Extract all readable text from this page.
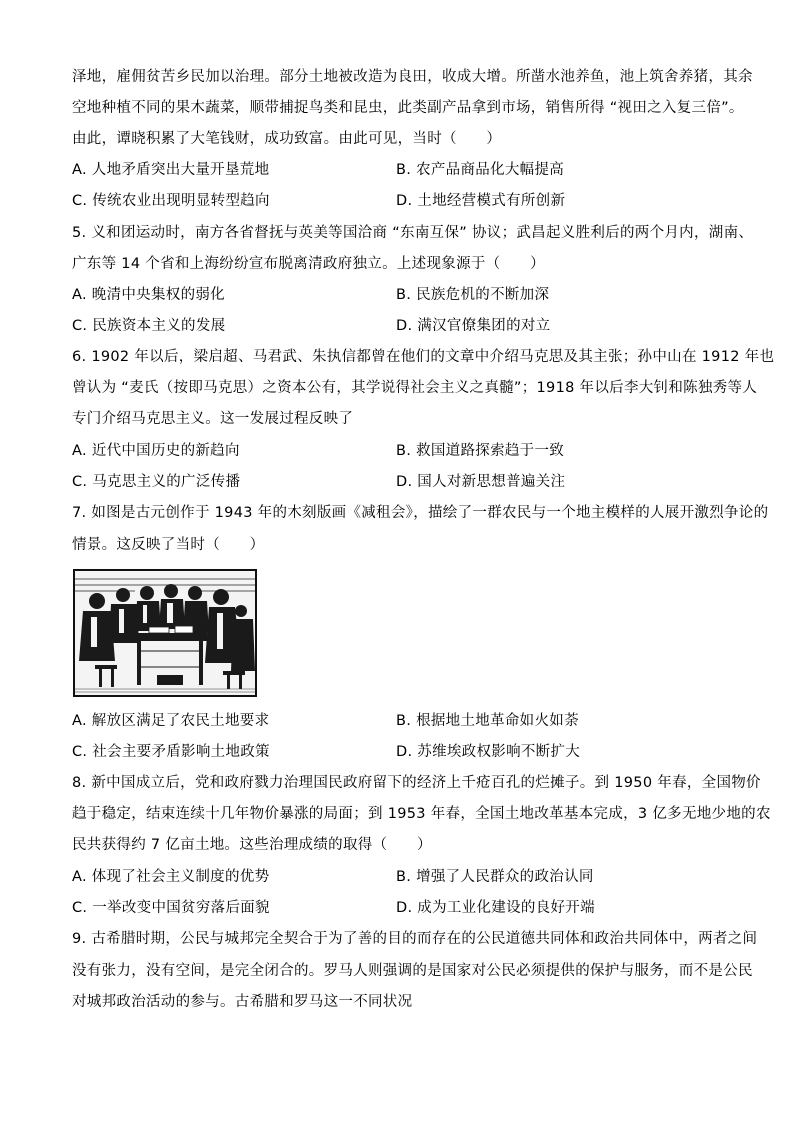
泽地，雇佣贫苦乡民加以治理。部分土地被改造为良田，收成大增。所凿水池养鱼，池上筑舍养猪，其余
空地种植不同的果木蔬菜，顺带捕捉鸟类和昆虫，此类副产品拿到市场，销售所得 “视田之入复三倍”。
由此，谭晓积累了大笔钱财，成功致富。由此可见，当时（　　）
A. 人地矛盾突出大量开垦荒地	B. 农产品商品化大幅提高
C. 传统农业出现明显转型趋向	D. 土地经营模式有所创新
5. 义和团运动时，南方各省督抚与英美等国洽商 “东南互保” 协议；武昌起义胜利后的两个月内，湖南、
广东等 14 个省和上海纷纷宣布脱离清政府独立。上述现象源于（　　）
A. 晚清中央集权的弱化	B. 民族危机的不断加深
C. 民族资本主义的发展	D. 满汉官僚集团的对立
6. 1902 年以后，梁启超、马君武、朱执信都曾在他们的文章中介绍马克思及其主张；孙中山在 1912 年也
曾认为 “麦氏（按即马克思）之资本公有，其学说得社会主义之真髓”；1918 年以后李大钊和陈独秀等人
专门介绍马克思主义。这一发展过程反映了
A. 近代中国历史的新趋向	B. 救国道路探索趋于一致
C. 马克思主义的广泛传播	D. 国人对新思想普遍关注
7. 如图是古元创作于 1943 年的木刻版画《减租会》，描绘了一群农民与一个地主模样的人展开激烈争论的
情景。这反映了当时（　　）
A. 解放区满足了农民土地要求	B. 根据地土地革命如火如荼
C. 社会主要矛盾影响土地政策	D. 苏维埃政权影响不断扩大
8. 新中国成立后，党和政府戮力治理国民政府留下的经济上千疮百孔的烂摊子。到 1950 年春，全国物价
趋于稳定，结束连续十几年物价暴涨的局面；到 1953 年春，全国土地改革基本完成，3 亿多无地少地的农
民共获得约 7 亿亩土地。这些治理成绩的取得（　　）
A. 体现了社会主义制度的优势	B. 增强了人民群众的政治认同
C. 一举改变中国贫穷落后面貌	D. 成为工业化建设的良好开端
9. 古希腊时期，公民与城邦完全契合于为了善的目的而存在的公民道德共同体和政治共同体中，两者之间
没有张力，没有空间，是完全闭合的。罗马人则强调的是国家对公民必须提供的保护与服务，而不是公民
对城邦政治活动的参与。古希腊和罗马这一不同状况
